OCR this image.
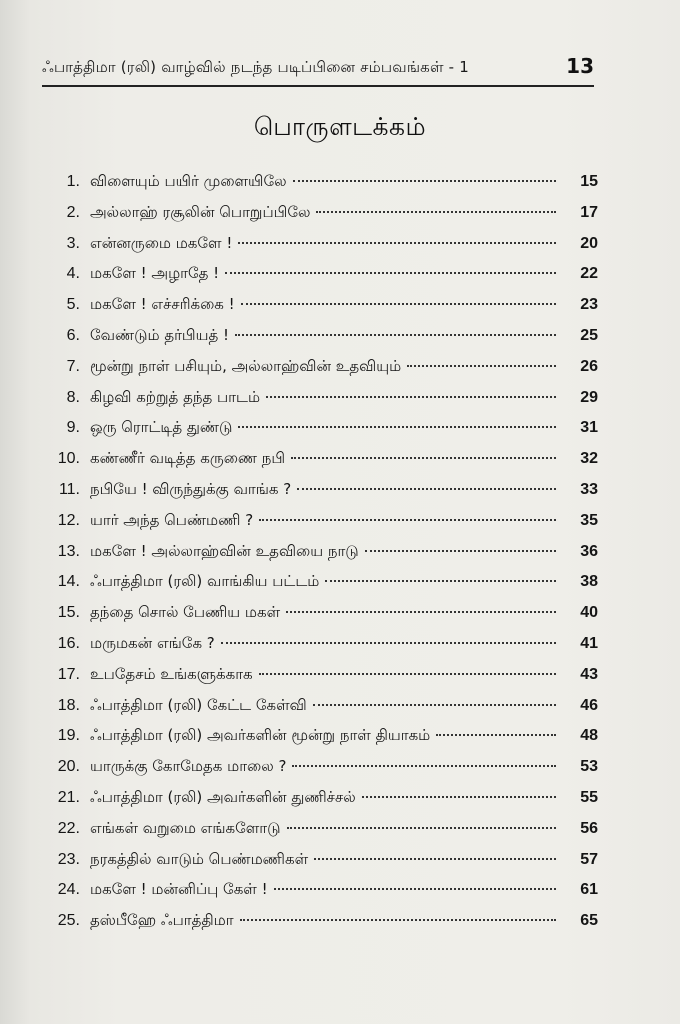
ஃபாத்திமா (ரலி) வாழ்வில் நடந்த படிப்பினை சம்பவங்கள் - 1	13
பொருளடக்கம்
1. விளையும் பயிர் முளையிலே	15
2. அல்லாஹ் ரசூலின் பொறுப்பிலே	17
3. என்னருமை மகளே !	20
4. மகளே ! அழாதே !	22
5. மகளே ! எச்சரிக்கை !	23
6. வேண்டும் தர்பியத் !	25
7. மூன்று நாள் பசியும், அல்லாஹ்வின் உதவியும்	26
8. கிழவி கற்றுத் தந்த பாடம்	29
9. ஒரு ரொட்டித் துண்டு	31
10. கண்ணீர் வடித்த கருணை நபி	32
11. நபியே ! விருந்துக்கு வாங்க ?	33
12. யார் அந்த பெண்மணி ?	35
13. மகளே ! அல்லாஹ்வின் உதவியை நாடு	36
14. ஃபாத்திமா (ரலி) வாங்கிய பட்டம்	38
15. தந்தை சொல் பேணிய மகள்	40
16. மருமகன் எங்கே ?	41
17. உபதேசம் உங்களுக்காக	43
18. ஃபாத்திமா (ரலி) கேட்ட கேள்வி	46
19. ஃபாத்திமா (ரலி) அவர்களின் மூன்று நாள் தியாகம்	48
20. யாருக்கு கோமேதக மாலை ?	53
21. ஃபாத்திமா (ரலி) அவர்களின் துணிச்சல்	55
22. எங்கள் வறுமை எங்களோடு	56
23. நரகத்தில் வாடும் பெண்மணிகள்	57
24. மகளே ! மன்னிப்பு கேள் !	61
25. தஸ்பீஹே ஃபாத்திமா	65
